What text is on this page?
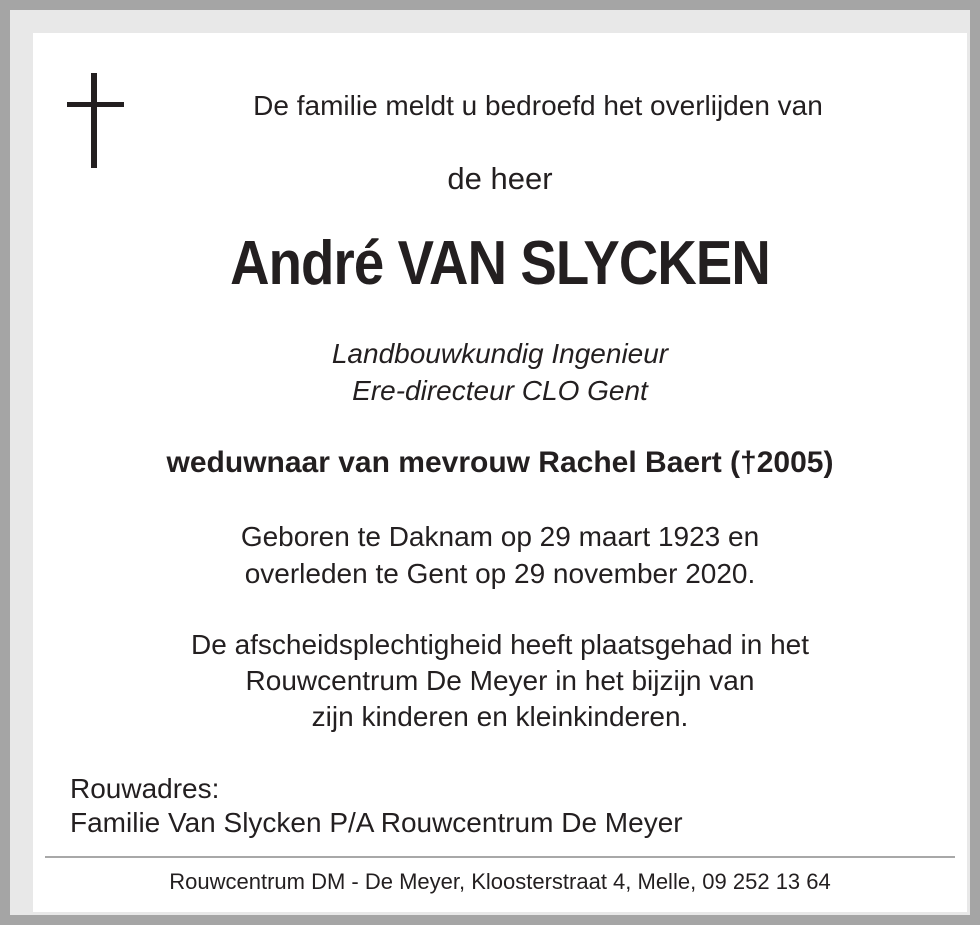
De familie meldt u bedroefd het overlijden van
de heer
André VAN SLYCKEN
Landbouwkundig Ingenieur
Ere-directeur CLO Gent
weduwnaar van mevrouw Rachel Baert (†2005)
Geboren te Daknam op 29 maart 1923 en
overleden te Gent op 29 november 2020.
De afscheidsplechtigheid heeft plaatsgehad in het
Rouwcentrum De Meyer in het bijzijn van
zijn kinderen en kleinkinderen.
Rouwadres:
Familie Van Slycken P/A Rouwcentrum De Meyer
Rouwcentrum DM - De Meyer, Kloosterstraat 4, Melle, 09 252 13 64
